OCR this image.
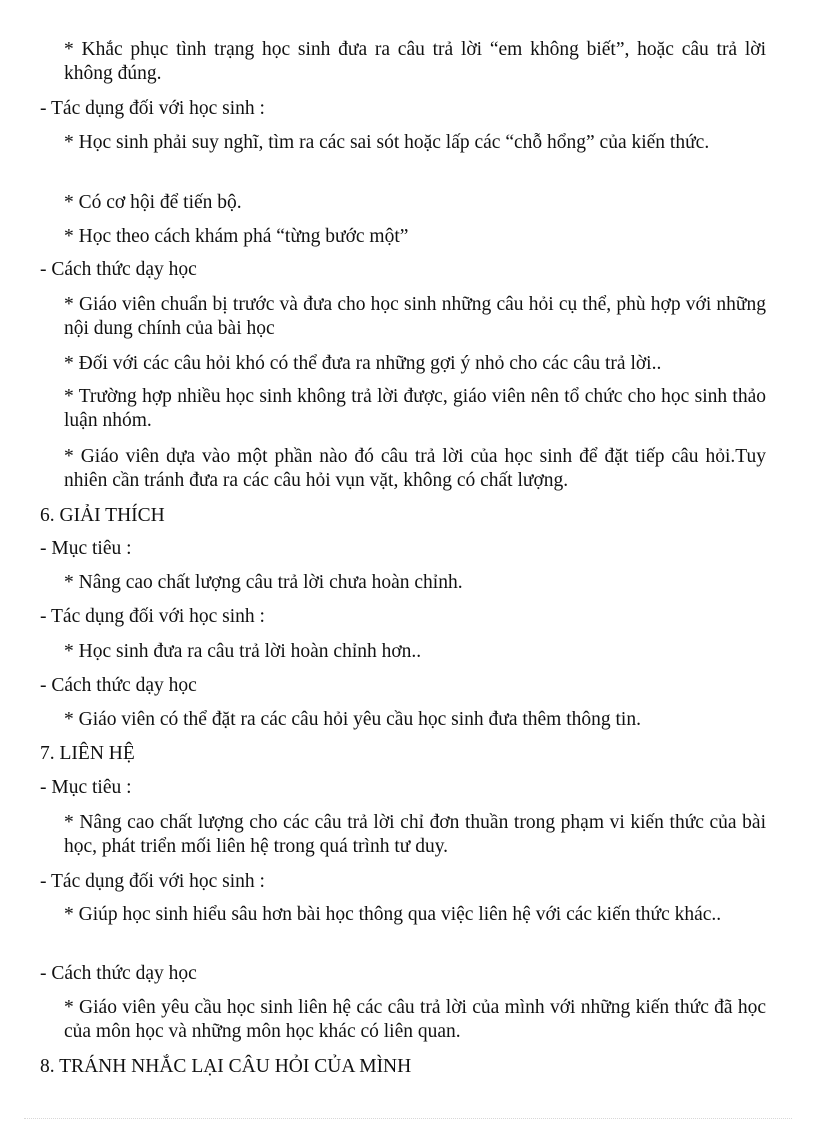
* Khắc phục tình trạng học sinh đưa ra câu trả lời “em không biết”, hoặc câu trả lời không đúng.

- Tác dụng đối với học sinh :

* Học sinh phải suy nghĩ, tìm ra các sai sót hoặc lấp các “chỗ hổng” của kiến thức.

* Có cơ hội để tiến bộ.

* Học theo cách khám phá “từng bước một”

- Cách thức dạy học

* Giáo viên chuẩn bị trước và đưa cho học sinh những câu hỏi cụ thể, phù hợp với những nội dung chính của bài học

* Đối với các câu hỏi khó có thể đưa ra những gợi ý nhỏ cho các câu trả lời..

* Trường hợp nhiều học sinh không trả lời được, giáo viên nên tổ chức cho học sinh thảo luận nhóm.

* Giáo viên dựa vào một phần nào đó câu trả lời của học sinh để đặt tiếp câu hỏi.Tuy nhiên cần tránh đưa ra các câu hỏi vụn vặt, không có chất lượng.

6. GIẢI THÍCH

- Mục tiêu :

* Nâng cao chất lượng câu trả lời chưa hoàn chỉnh.

- Tác dụng đối với học sinh :

* Học sinh đưa ra câu trả lời hoàn chỉnh hơn..

- Cách thức dạy học

* Giáo viên có thể đặt ra các câu hỏi yêu cầu học sinh đưa thêm thông tin.

7. LIÊN HỆ

- Mục tiêu :

* Nâng cao chất lượng cho các câu trả lời chỉ đơn thuần trong phạm vi kiến thức của bài học, phát triển mối liên hệ trong quá trình tư duy.

- Tác dụng đối với học sinh :

* Giúp học sinh hiểu sâu hơn bài học thông qua việc liên hệ với các kiến thức khác..

- Cách thức dạy học

* Giáo viên yêu cầu học sinh liên hệ các câu trả lời của mình với những kiến thức đã học của môn học và những môn học khác có liên quan.

8. TRÁNH NHẮC LẠI CÂU HỎI CỦA MÌNH
